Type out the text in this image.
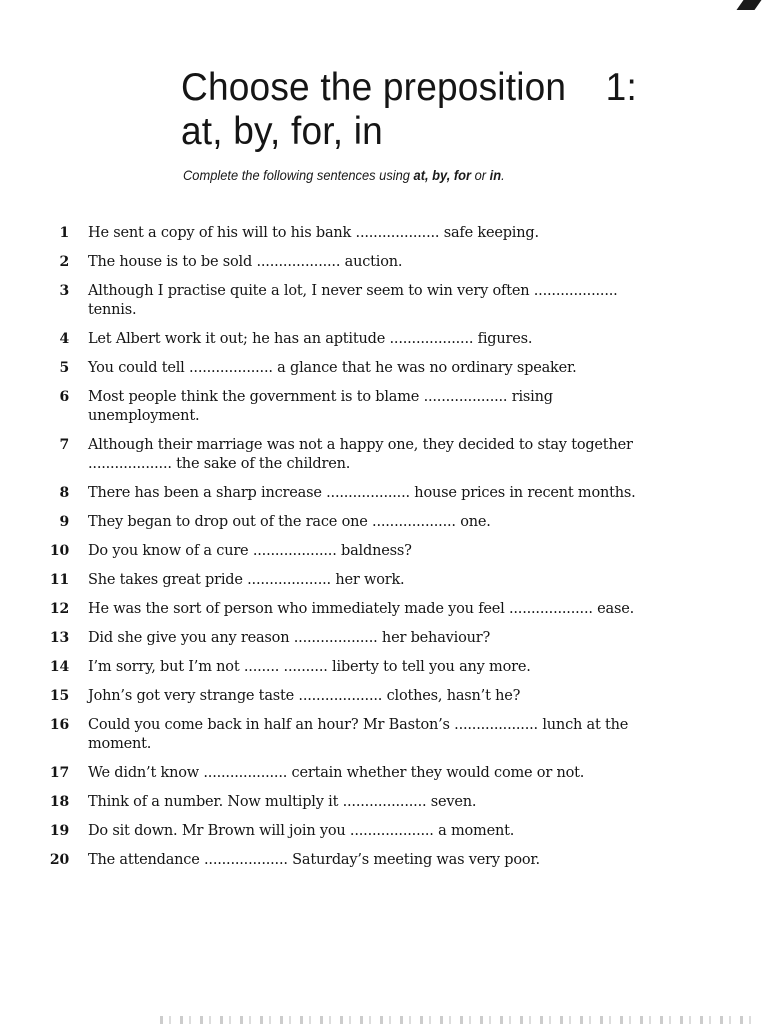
Choose the preposition	1:
at, by, for, in
Complete the following sentences using at, by, for or in.
1 He sent a copy of his will to his bank ................... safe keeping.
2 The house is to be sold ................... auction.
3 Although I practise quite a lot, I never seem to win very often ................... tennis.
4 Let Albert work it out; he has an aptitude ................... figures.
5 You could tell ................... a glance that he was no ordinary speaker.
6 Most people think the government is to blame ................... rising unemployment.
7 Although their marriage was not a happy one, they decided to stay together ................... the sake of the children.
8 There has been a sharp increase ................... house prices in recent months.
9 They began to drop out of the race one ................... one.
10 Do you know of a cure ................... baldness?
11 She takes great pride ................... her work.
12 He was the sort of person who immediately made you feel ................... ease.
13 Did she give you any reason ................... her behaviour?
14 I’m sorry, but I’m not ........ .......... liberty to tell you any more.
15 John’s got very strange taste ................... clothes, hasn’t he?
16 Could you come back in half an hour? Mr Baston’s ................... lunch at the moment.
17 We didn’t know ................... certain whether they would come or not.
18 Think of a number. Now multiply it ................... seven.
19 Do sit down. Mr Brown will join you ................... a moment.
20 The attendance ................... Saturday’s meeting was very poor.
